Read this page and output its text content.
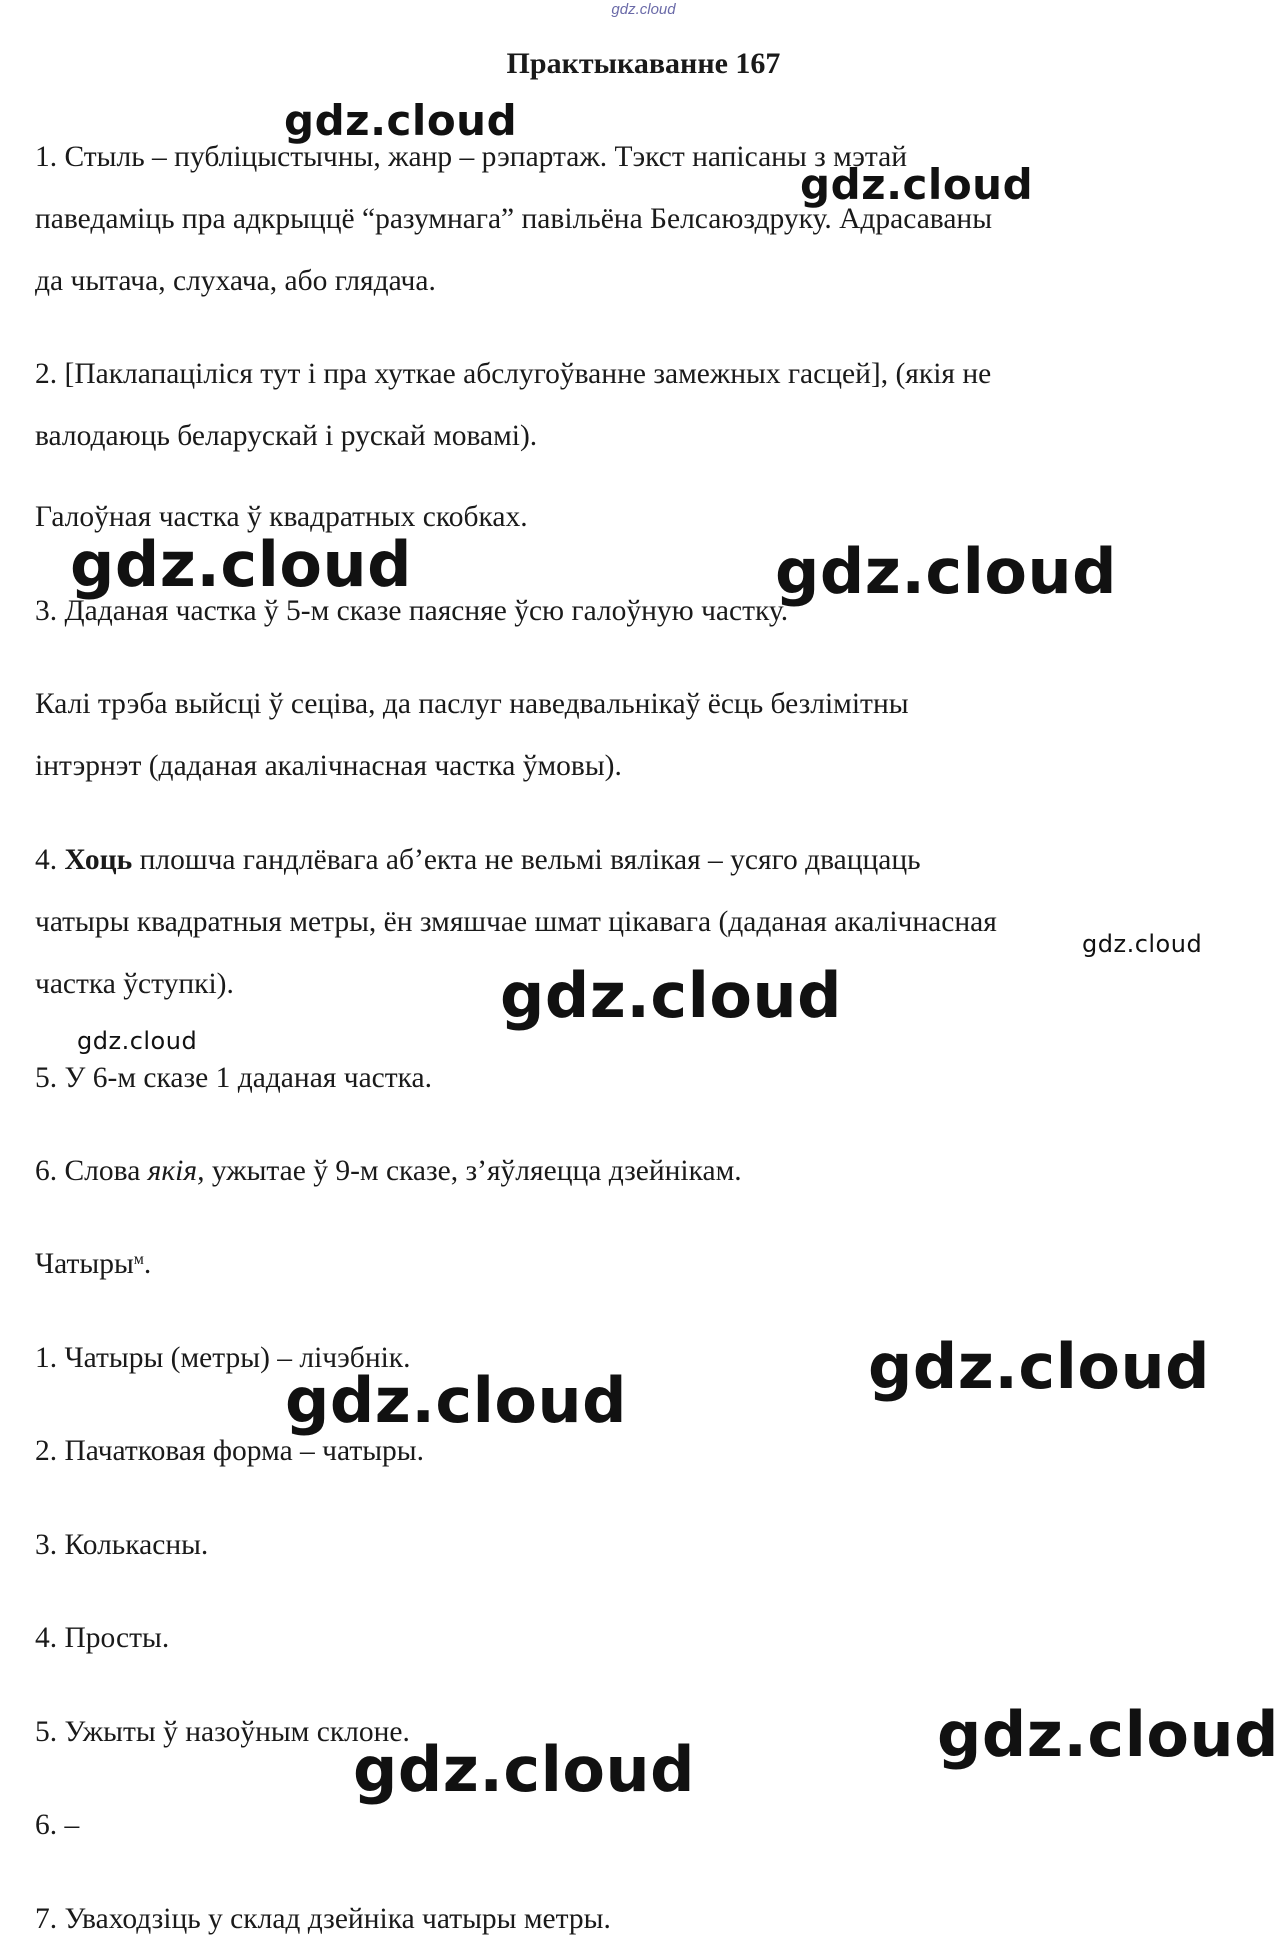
gdz.cloud
Практыкаванне 167
1. Стыль – публіцыстычны, жанр – рэпартаж. Тэкст напісаны з мэтай
паведаміць пра адкрыццё “разумнага” павільёна Белсаюздруку. Адрасаваны
да чытача, слухача, або глядача.
2. [Паклапаціліся тут і пра хуткае абслугоўванне замежных гасцей], (якія не
валодаюць беларускай і рускай мовамі).
Галоўная частка ў квадратных скобках.
3. Даданая частка ў 5-м сказе паясняе ўсю галоўную частку.
Калі трэба выйсці ў сеціва, да паслуг наведвальнікаў ёсць безлімітны
інтэрнэт (даданая акалічнасная частка ўмовы).
4. Хоць плошча гандлёвага аб’екта не вельмі вялікая – усяго дваццаць
чатыры квадратныя метры, ён змяшчае шмат цікавага (даданая акалічнасная
частка ўступкі).
5. У 6-м сказе 1 даданая частка.
6. Слова якія, ужытае ў 9-м сказе, з’яўляецца дзейнікам.
Чатыры$^м$.
1. Чатыры (метры) – лічэбнік.
2. Пачатковая форма – чатыры.
3. Колькасны.
4. Просты.
5. Ужыты ў назоўным склоне.
6. –
7. Уваходзіць у склад дзейніка чатыры метры.
gdz.cloud
gdz.cloud
gdz.cloud	gdz.cloud
gdz.cloud
gdz.cloud
gdz.cloud
gdz.cloud
gdz.cloud
gdz.cloud
gdz.cloud
